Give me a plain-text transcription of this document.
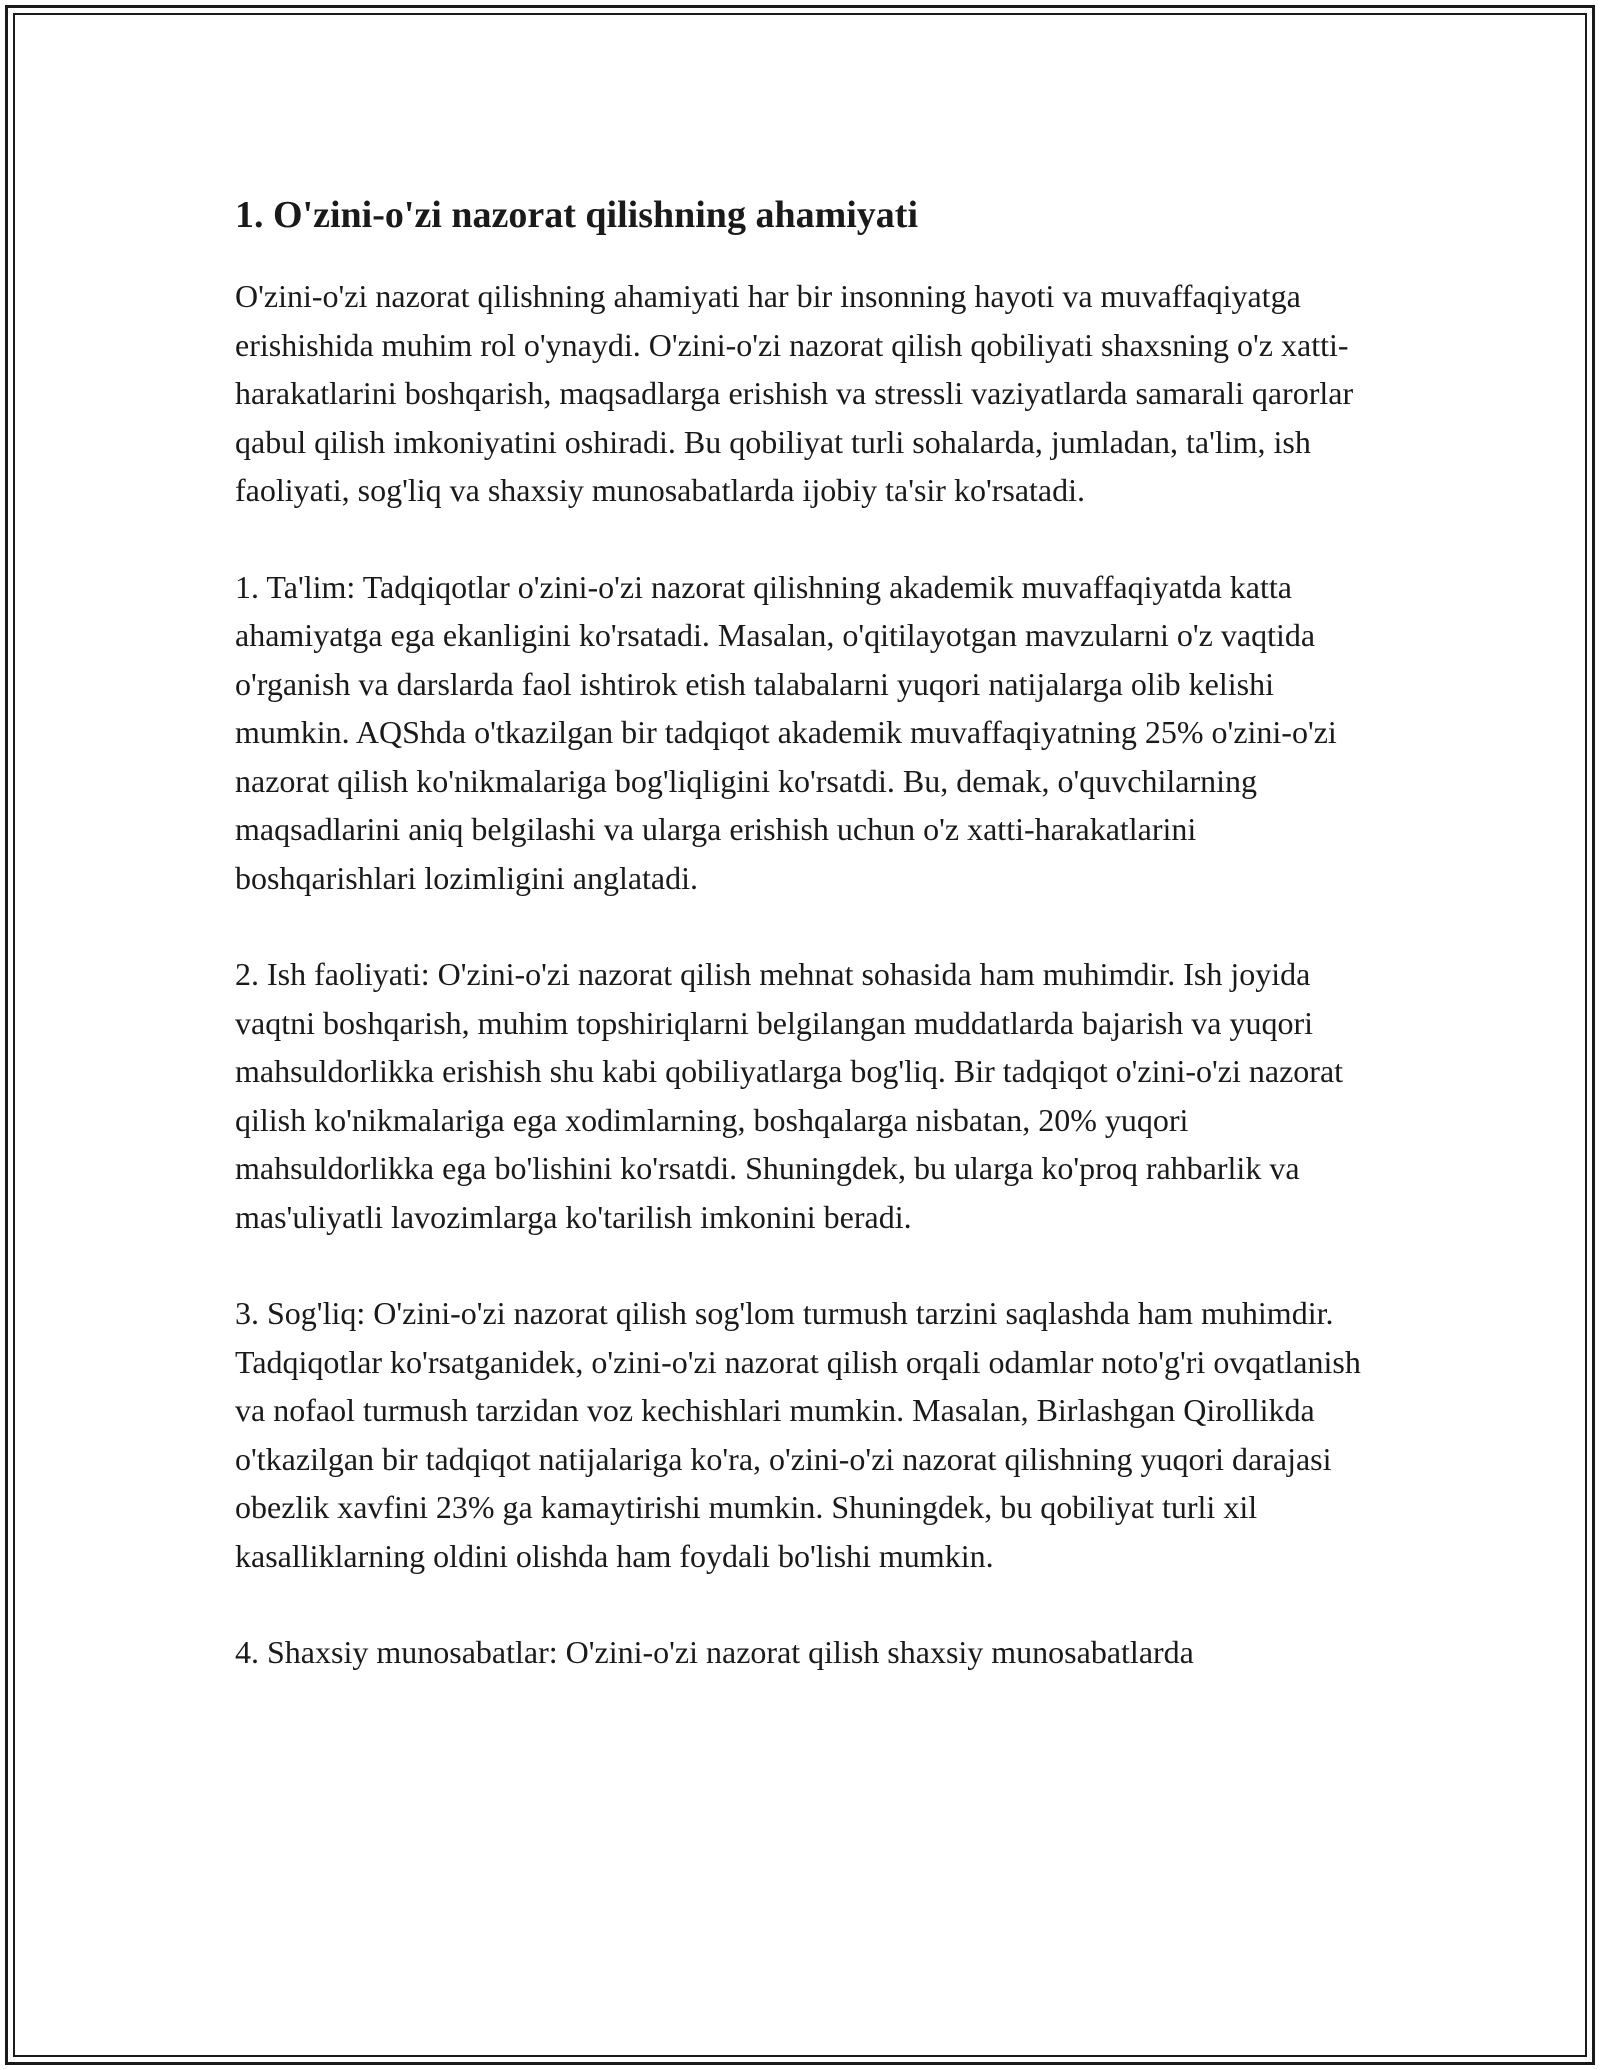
1. O'zini-o'zi nazorat qilishning ahamiyati

O'zini-o'zi nazorat qilishning ahamiyati har bir insonning hayoti va muvaffaqiyatga erishishida muhim rol o'ynaydi. O'zini-o'zi nazorat qilish qobiliyati shaxsning o'z xatti-harakatlarini boshqarish, maqsadlarga erishish va stressli vaziyatlarda samarali qarorlar qabul qilish imkoniyatini oshiradi. Bu qobiliyat turli sohalarda, jumladan, ta'lim, ish faoliyati, sog'liq va shaxsiy munosabatlarda ijobiy ta'sir ko'rsatadi.

1. Ta'lim: Tadqiqotlar o'zini-o'zi nazorat qilishning akademik muvaffaqiyatda katta ahamiyatga ega ekanligini ko'rsatadi. Masalan, o'qitilayotgan mavzularni o'z vaqtida o'rganish va darslarda faol ishtirok etish talabalarni yuqori natijalarga olib kelishi mumkin. AQShda o'tkazilgan bir tadqiqot akademik muvaffaqiyatning 25% o'zini-o'zi nazorat qilish ko'nikmalariga bog'liqligini ko'rsatdi. Bu, demak, o'quvchilarning maqsadlarini aniq belgilashi va ularga erishish uchun o'z xatti-harakatlarini boshqarishlari lozimligini anglatadi.

2. Ish faoliyati: O'zini-o'zi nazorat qilish mehnat sohasida ham muhimdir. Ish joyida vaqtni boshqarish, muhim topshiriqlarni belgilangan muddatlarda bajarish va yuqori mahsuldorlikka erishish shu kabi qobiliyatlarga bog'liq. Bir tadqiqot o'zini-o'zi nazorat qilish ko'nikmalariga ega xodimlarning, boshqalarga nisbatan, 20% yuqori mahsuldorlikka ega bo'lishini ko'rsatdi. Shuningdek, bu ularga ko'proq rahbarlik va mas'uliyatli lavozimlarga ko'tarilish imkonini beradi.

3. Sog'liq: O'zini-o'zi nazorat qilish sog'lom turmush tarzini saqlashda ham muhimdir. Tadqiqotlar ko'rsatganidek, o'zini-o'zi nazorat qilish orqali odamlar noto'g'ri ovqatlanish va nofaol turmush tarzidan voz kechishlari mumkin. Masalan, Birlashgan Qirollikda o'tkazilgan bir tadqiqot natijalariga ko'ra, o'zini-o'zi nazorat qilishning yuqori darajasi obezlik xavfini 23% ga kamaytirishi mumkin. Shuningdek, bu qobiliyat turli xil kasalliklarning oldini olishda ham foydali bo'lishi mumkin.

4. Shaxsiy munosabatlar: O'zini-o'zi nazorat qilish shaxsiy munosabatlarda
